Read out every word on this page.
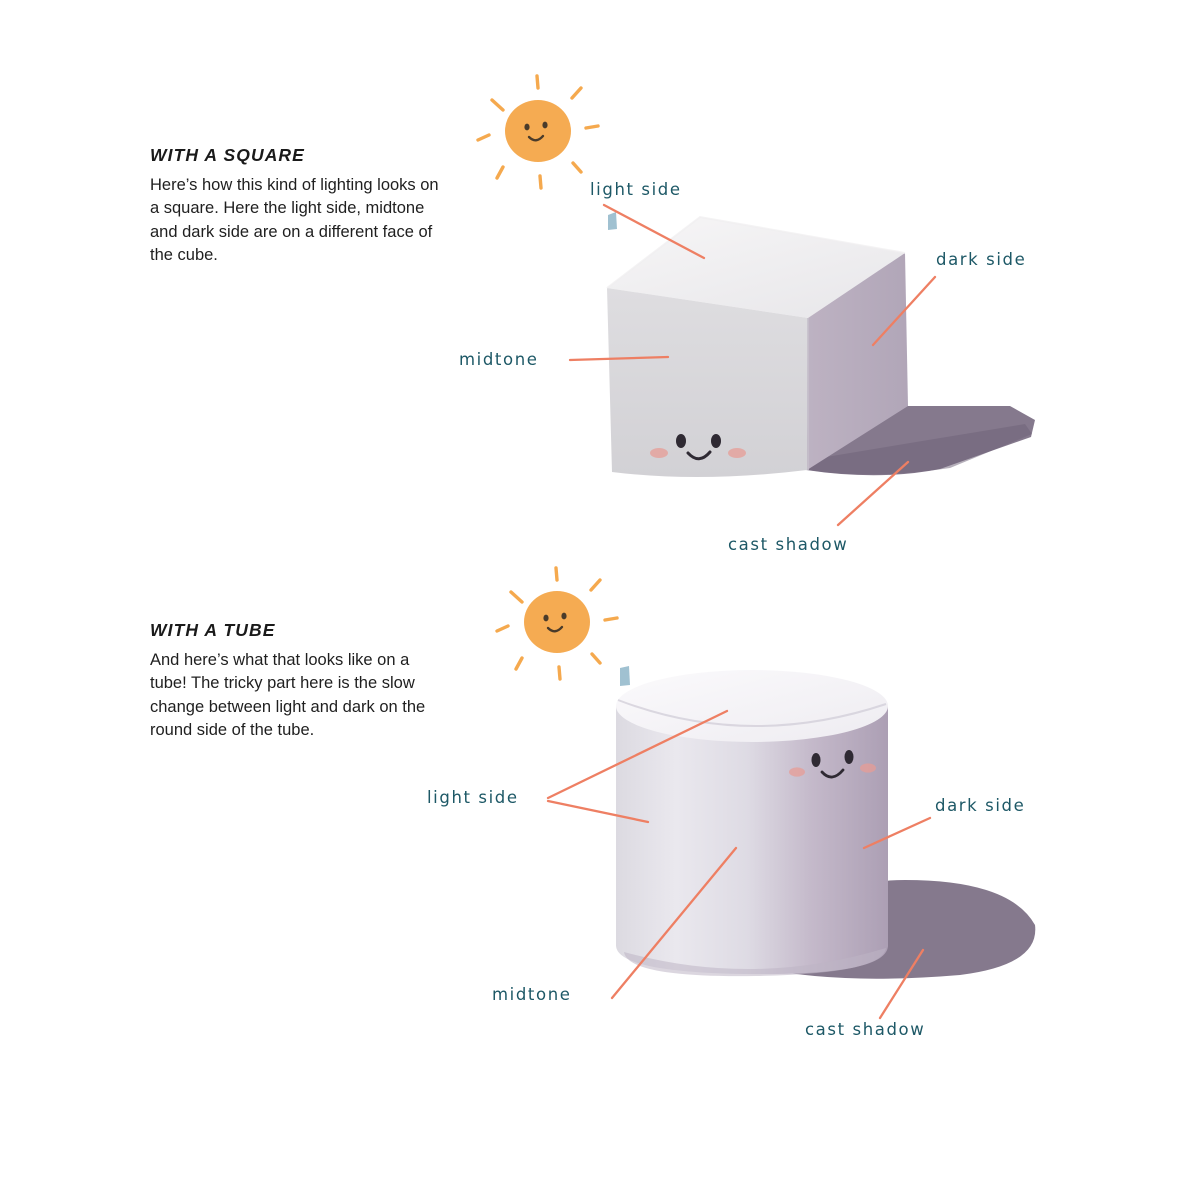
WITH A SQUARE

Here’s how this kind of lighting looks on a square. Here the light side, midtone and dark side are on a different face of the cube.

light side
dark side
midtone
cast shadow

WITH A TUBE

And here’s what that looks like on a tube! The tricky part here is the slow change between light and dark on the round side of the tube.

light side	dark side
midtone
cast shadow
